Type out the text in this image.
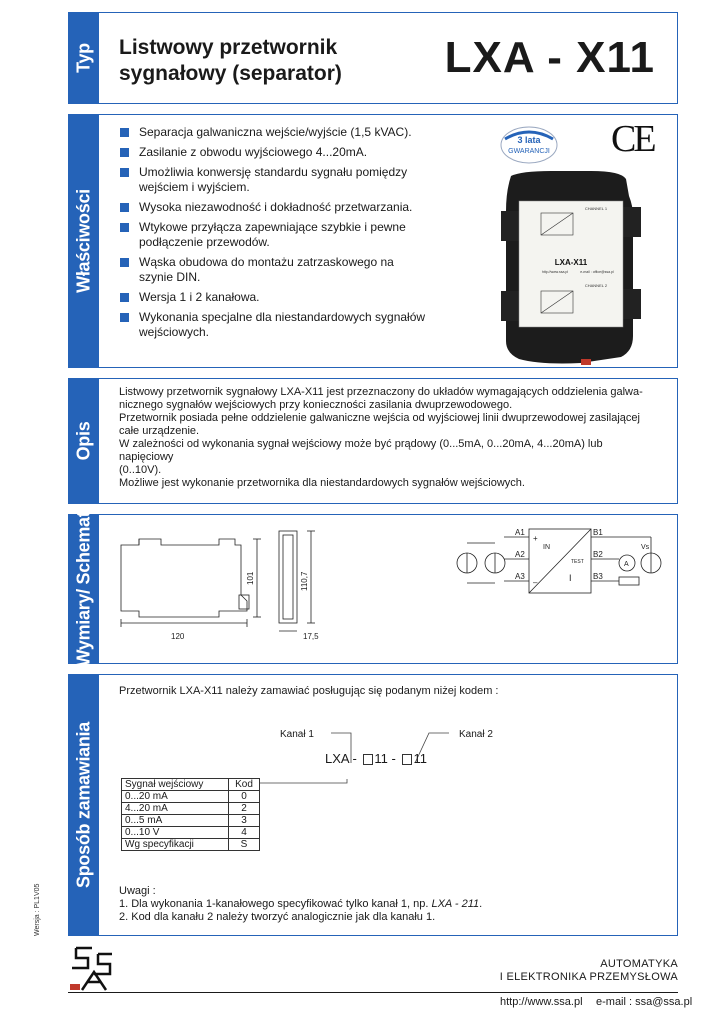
Typ Listwowy przetwornik
sygnałowy (separator) LXA - X11
Właściwości
Separacja galwaniczna wejście/wyjście (1,5 kVAC).
Zasilanie z obwodu wyjściowego 4...20mA.
Umożliwia konwersję standardu sygnału pomiędzy wejściem i wyjściem.
Wysoka niezawodność i dokładność przetwarzania.
Wtykowe przyłącza zapewniające szybkie i pewne podłączenie przewodów.
Wąska obudowa do montażu zatrzaskowego na szynie DIN.
Wersja 1 i 2 kanałowa.
Wykonania specjalne dla niestandardowych sygnałów wejściowych.
3 lata
GWARANCJI CE
CHANNEL 1
LXA-X11
http://www.ssa.pl	e-mail : office@ssa.pl
CHANNEL 2
Opis

Listwowy przetwornik sygnałowy LXA-X11 jest przeznaczony do układów wymagających oddzielenia galwa-

nicznego sygnałów wejściowych przy konieczności zasilania dwuprzewodowego.

Przetwornik posiada pełne oddzielenie galwaniczne wejścia od wyjściowej linii dwuprzewodowej zasilającej

całe urządzenie.

W zależności od wykonania sygnał wejściowy może być prądowy (0...5mA, 0...20mA, 4...20mA) lub napięciowy

(0..10V).

Możliwe jest wykonanie przetwornika dla niestandardowych sygnałów wejściowych.

Wymiary/ Schemat	120
101	110,7
17,5
A1
A2
A3
B1
B2
B3
IN
TEST
Vs
A
I
+
–
Sposób zamawiania
Przetwornik LXA-X11 należy zamawiać posługując się podanym niżej kodem :
Kanał 1	Kanał 2
LXA - 11 - 11
Sygnał wejściowy	Kod
0...20 mA	0
4...20 mA	2
0...5 mA	3
0...10 V	4
Wg specyfikacji	S

Uwagi :

1. Dla wykonania 1-kanałowego specyfikować tylko kanał 1, np. LXA - 211.

2. Kod dla kanału 2 należy tworzyć analogicznie jak dla kanału 1.

Wersja : PL1V05
SSA
AUTOMATYKA
I ELEKTRONIKA PRZEMYSŁOWA
http://www.ssa.pl e-mail : ssa@ssa.pl
